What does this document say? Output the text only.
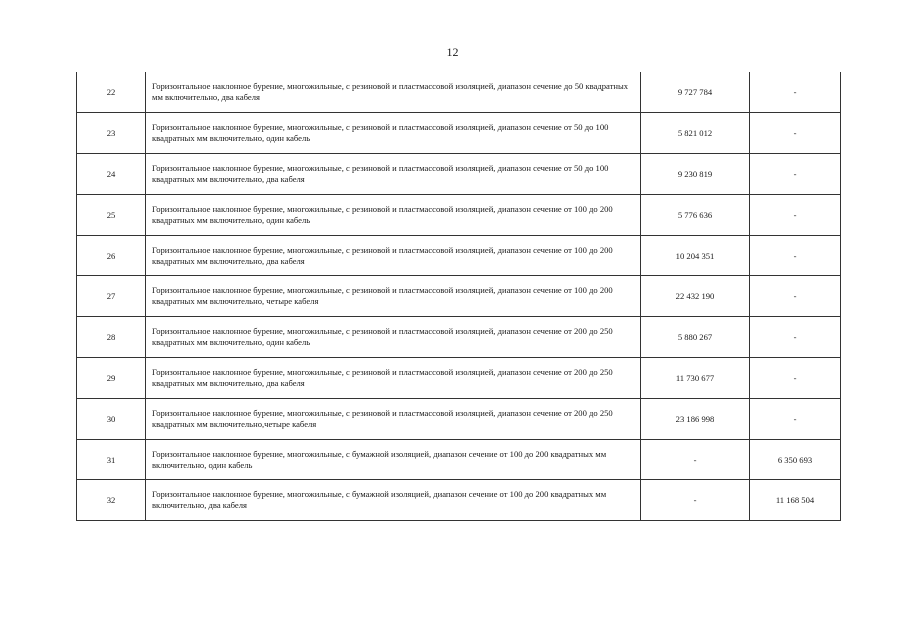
12
22	Горизонтальное наклонное бурение, многожильные, с резиновой и пластмассовой изоляцией, диапазон сечение до 50 квадратных мм включительно, два кабеля	9 727 784	-
23	Горизонтальное наклонное бурение, многожильные, с резиновой и пластмассовой изоляцией, диапазон сечение от 50 до 100 квадратных мм включительно, один кабель	5 821 012	-
24	Горизонтальное наклонное бурение, многожильные, с резиновой и пластмассовой изоляцией, диапазон сечение от 50 до 100 квадратных мм включительно, два кабеля	9 230 819	-
25	Горизонтальное наклонное бурение, многожильные, с резиновой и пластмассовой изоляцией, диапазон сечение от 100 до 200 квадратных мм включительно, один кабель	5 776 636	-
26	Горизонтальное наклонное бурение, многожильные, с резиновой и пластмассовой изоляцией, диапазон сечение от 100 до 200 квадратных мм включительно, два кабеля	10 204 351	-
27	Горизонтальное наклонное бурение, многожильные, с резиновой и пластмассовой изоляцией, диапазон сечение от 100 до 200 квадратных мм включительно, четыре кабеля	22 432 190	-
28	Горизонтальное наклонное бурение, многожильные, с резиновой и пластмассовой изоляцией, диапазон сечение от 200 до 250 квадратных мм включительно, один кабель	5 880 267	-
29	Горизонтальное наклонное бурение, многожильные, с резиновой и пластмассовой изоляцией, диапазон сечение от 200 до 250 квадратных мм включительно, два кабеля	11 730 677	-
30	Горизонтальное наклонное бурение, многожильные, с резиновой и пластмассовой изоляцией, диапазон сечение от 200 до 250 квадратных мм включительно,четыре кабеля	23 186 998	-
31	Горизонтальное наклонное бурение, многожильные, с бумажной изоляцией, диапазон сечение от 100 до 200 квадратных мм включительно, один кабель	-	6 350 693
32	Горизонтальное наклонное бурение, многожильные, с бумажной изоляцией, диапазон сечение от 100 до 200 квадратных мм включительно, два кабеля	-	11 168 504
